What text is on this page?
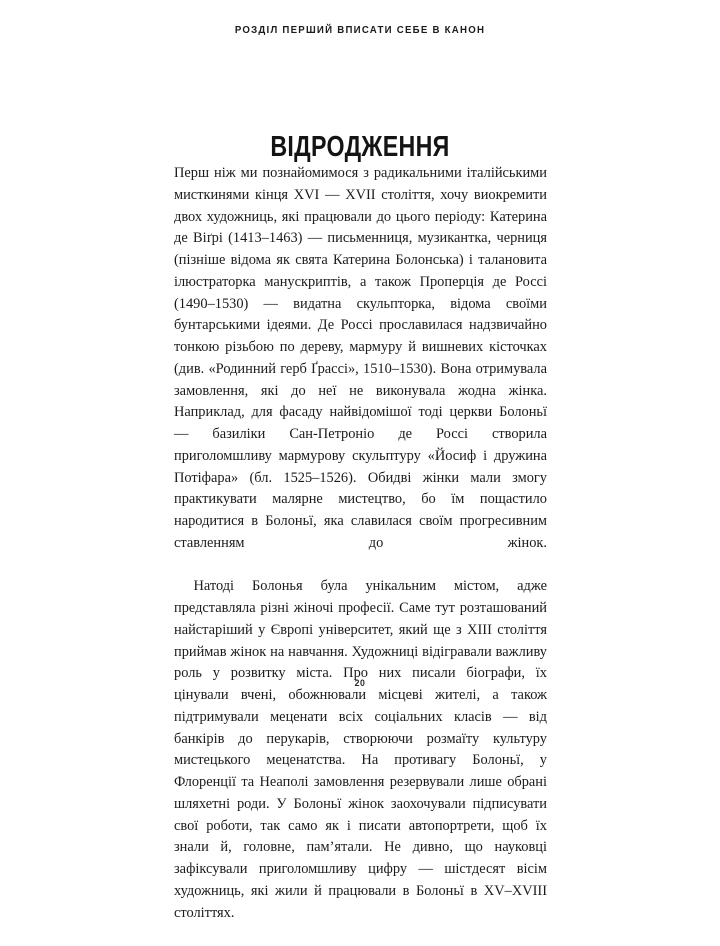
РОЗДІЛ ПЕРШИЙ ВПИСАТИ СЕБЕ В КАНОН
ВІДРОДЖЕННЯ

Перш ніж ми познайомимося з радикальними італійськими мисткинями кінця XVI — XVII століття, хочу виокремити двох художниць, які працювали до цього періоду: Катерина де Віґрі (1413–1463) — письменниця, музикантка, черниця (пізніше відома як свята Катерина Болонська) і талановита ілюстраторка манускриптів, а також Проперція де Россі (1490–1530) — видатна скульпторка, відома своїми бунтарськими ідеями. Де Россі прославилася надзвичайно тонкою різьбою по дереву, мармуру й вишневих кісточках (див. «Родинний герб Ґрассі», 1510–1530). Вона отримувала замовлення, які до неї не виконувала жодна жінка. Наприклад, для фасаду найвідомішої тоді церкви Болоньї — базиліки Сан-Петроніо де Россі створила приголомшливу мармурову скульптуру «Йосиф і дружина Потіфара» (бл. 1525–1526). Обидві жінки мали змогу практикувати малярне мистецтво, бо їм пощастило народитися в Болоньї, яка славилася своїм прогресивним ставленням до жінок.

Натоді Болонья була унікальним містом, адже представляла різні жіночі професії. Саме тут розташований найстаріший у Європі університет, який ще з XIII століття приймав жінок на навчання. Художниці відігравали важливу роль у розвитку міста. Про них писали біографи, їх цінували вчені, обожнювали місцеві жителі, а також підтримували меценати всіх соціальних класів — від банкірів до перукарів, створюючи розмаїту культуру мистецького меценатства. На противагу Болоньї, у Флоренції та Неаполі замовлення резервували лише обрані шляхетні роди. У Болоньї жінок заохочували підписувати свої роботи, так само як і писати автопортрети, щоб їх знали й, головне, пам’ятали. Не дивно, що науковці зафіксували приголомшливу цифру — шістдесят вісім художниць, які жили й працювали в Болоньї в XV–XVIII століттях.

20
